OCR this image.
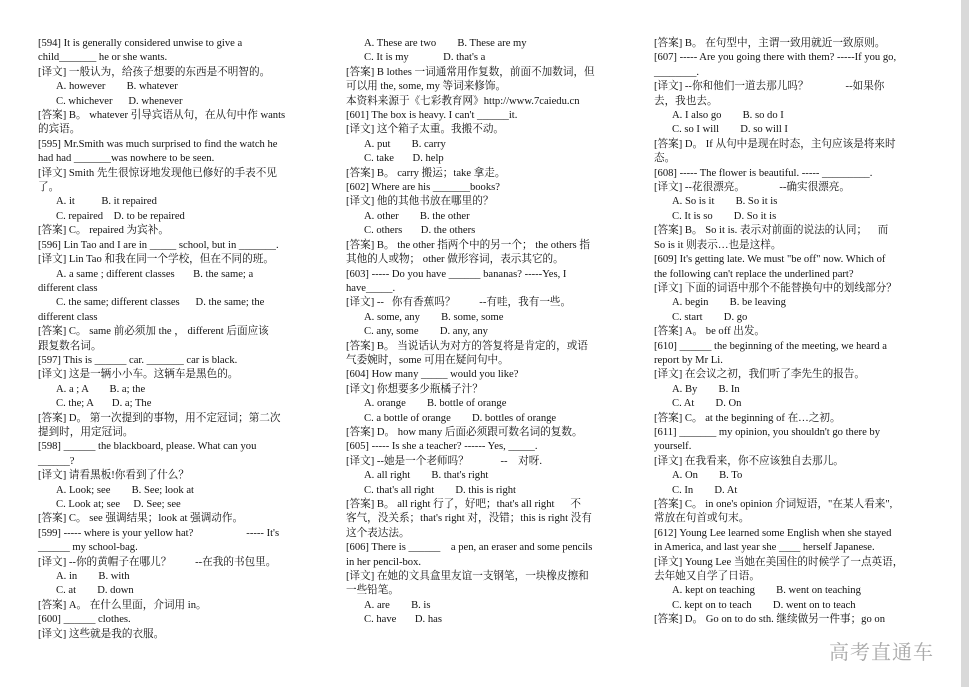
[594] It is generally considered unwise to give a
child_______ he or she wants.
[译文] 一般认为，给孩子想要的东西是不明智的。
A. however        B. whatever
C. whichever      D. whenever
[答案] B。 whatever 引导宾语从句，在从句中作 wants
的宾语。
[595] Mr.Smith was much surprised to find the watch he
had had _______was nowhere to be seen.
[译文] Smith 先生很惊讶地发现他已修好的手表不见
了。
A. it          B. it repaired
C. repaired    D. to be repaired
[答案] C。 repaired 为宾补。
[596] Lin Tao and I are in _____ school, but in _______.
[译文] Lin Tao 和我在同一个学校，但在不同的班。
A. a same ; different classes       B. the same; a
different class
C. the same; different classes      D. the same; the
different class
[答案] C。 same 前必须加 the ， different 后面应该
跟复数名词。
[597] This is ______ car. _______ car is black.
[译文] 这是一辆小小车。这辆车是黑色的。
A. a ; A        B. a; the
C. the; A       D. a; The
[答案] D。 第一次提到的事物，用不定冠词；第二次
提到时，用定冠词。
[598] ______ the blackboard, please. What can you
______?
[译文] 请看黑板!你看到了什么？
A. Look; see        B. See; look at
C. Look at; see     D. See; see
[答案] C。 see 强调结果；look at 强调动作。
[599] ----- where is your yellow hat?                    ----- It's
______ my school-bag.
[译文] --你的黄帽子在哪儿？         --在我的书包里。
A. in        B. with
C. at        D. down
[答案] A。 在什么里面，介词用 in。
[600] ______ clothes.
[译文] 这些就是我的衣服。
A. These are two        B. These are my
C. It is my             D. that's a
[答案] B lothes 一词通常用作复数，前面不加数词，但
可以用 the, some, my 等词来修饰。
本资料来源于《七彩教育网》http://www.7caiedu.cn
[601] The box is heavy. I can't ______it.
[译文] 这个箱子太重。我搬不动。
A. put        B. carry
C. take       D. help
[答案] B。 carry 搬运；take 拿走。
[602] Where are his _______books?
[译文] 他的其他书放在哪里的？
A. other        B. the other
C. others       D. the others
[答案] B。 the other 指两个中的另一个； the others 指
其他的人或物； other 做形容词，表示其它的。
[603] ----- Do you have ______ bananas? -----Yes, I
have_____.
[译文] --   你有香蕉吗？         --有哇，我有一些。
A. some, any        B. some, some
C. any, some        D. any, any
[答案] B。 当说话认为对方的答复将是肯定的，或语
气委婉时，some 可用在疑问句中。
[604] How many _____ would you like?
[译文] 你想要多少瓶橘子汁？
A. orange        B. bottle of orange
C. a bottle of orange        D. bottles of orange
[答案] D。 how many 后面必须跟可数名词的复数。
[605] ----- Is she a teacher? ------ Yes, _____.
[译文] --她是一个老师吗？            --    对呀.
A. all right        B. that's right
C. that's all right        D. this is right
[答案] B。 all right 行了，好吧；that's all right      不
客气，没关系；that's right 对，没错；this is right 没有
这个表达法。
[606] There is ______    a pen, an eraser and some pencils
in her pencil-box.
[译文] 在她的文具盒里友谊一支钢笔，一块橡皮擦和
一些铅笔。
A. are        B. is
C. have       D. has
[答案] B。 在句型中，主谓一致用就近一致原则。
[607] ----- Are you going there with them? -----If you go,
________.
[译文] --你和他们一道去那儿吗？              --如果你
去，我也去。
A. I also go        B. so do I
C. so I will        D. so will I
[答案] D。 If 从句中是现在时态，主句应该是将来时
态。
[608] ----- The flower is beautiful. ----- _________.
[译文] --花很漂亮。             --确实很漂亮。
A. So is it        B. So it is
C. It is so        D. So it is
[答案] B。 So it is. 表示对前面的说法的认同；    而
So is it 则表示…也是这样。
[609] It's getting late. We must "be off" now. Which of
the following can't replace the underlined part?
[译文] 下面的词语中那个不能替换句中的划线部分？
A. begin        B. be leaving
C. start        D. go
[答案] A。 be off 出发。
[610] ______ the beginning of the meeting, we heard a
report by Mr Li.
[译文] 在会议之初，我们听了李先生的报告。
A. By        B. In
C. At        D. On
[答案] C。 at the beginning of 在…之初。
[611] _______ my opinion, you shouldn't go there by
yourself.
[译文] 在我看来，你不应该独自去那儿。
A. On        B. To
C. In        D. At
[答案] C。 in one's opinion 介词短语，"在某人看来",
常放在句首或句末。
[612] Young Lee learned some English when she stayed
in America, and last year she ____ herself Japanese.
[译文] Young Lee 当她在美国住的时候学了一点英语，
去年她又自学了日语。
A. kept on teaching        B. went on teaching
C. kept on to teach        D. went on to teach
[答案] D。 Go on to do sth. 继续做另一件事；go on
高考直通车
